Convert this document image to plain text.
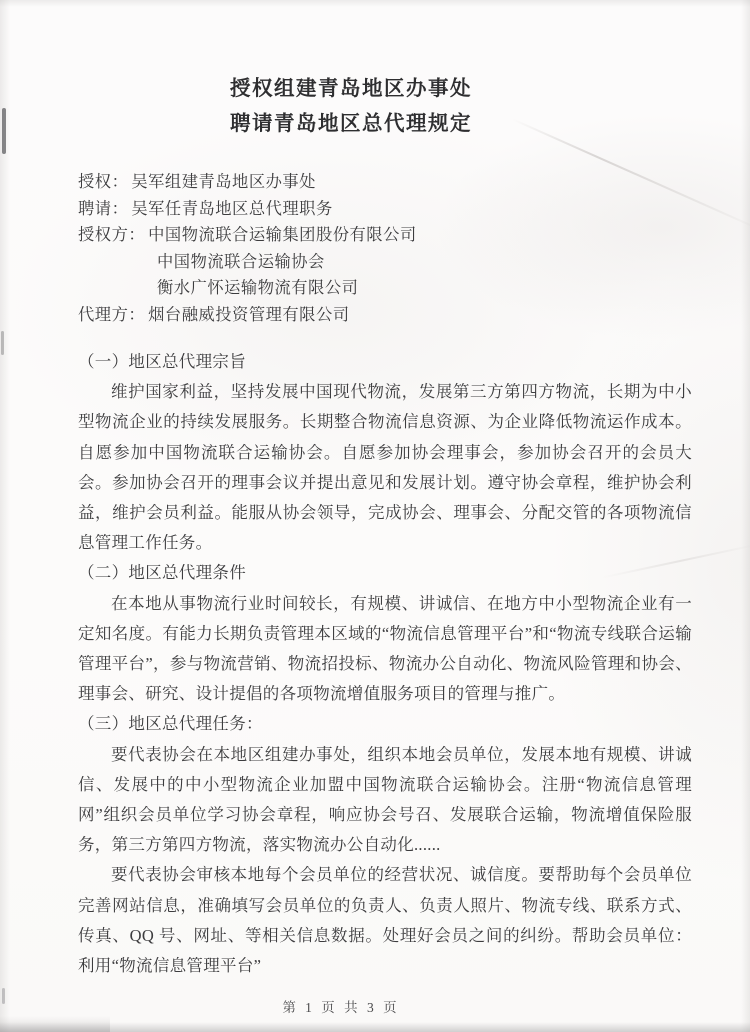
授权组建青岛地区办事处
聘请青岛地区总代理规定
授权： 吴军组建青岛地区办事处
聘请： 吴军任青岛地区总代理职务
授权方： 中国物流联合运输集团股份有限公司
中国物流联合运输协会
衡水广怀运输物流有限公司
代理方： 烟台融威投资管理有限公司

（一）地区总代理宗旨

维护国家利益，坚持发展中国现代物流，发展第三方第四方物流，长期为中小型物流企业的持续发展服务。长期整合物流信息资源、为企业降低物流运作成本。自愿参加中国物流联合运输协会。自愿参加协会理事会，参加协会召开的会员大会。参加协会召开的理事会议并提出意见和发展计划。遵守协会章程，维护协会利益，维护会员利益。能服从协会领导，完成协会、理事会、分配交管的各项物流信息管理工作任务。

（二）地区总代理条件

在本地从事物流行业时间较长，有规模、讲诚信、在地方中小型物流企业有一定知名度。有能力长期负责管理本区域的“物流信息管理平台”和“物流专线联合运输管理平台”，参与物流营销、物流招投标、物流办公自动化、物流风险管理和协会、理事会、研究、设计提倡的各项物流增值服务项目的管理与推广。

（三）地区总代理任务：

要代表协会在本地区组建办事处，组织本地会员单位，发展本地有规模、讲诚信、发展中的中小型物流企业加盟中国物流联合运输协会。注册“物流信息管理网”组织会员单位学习协会章程，响应协会号召、发展联合运输，物流增值保险服务，第三方第四方物流，落实物流办公自动化......

要代表协会审核本地每个会员单位的经营状况、诚信度。要帮助每个会员单位完善网站信息，准确填写会员单位的负责人、负责人照片、物流专线、联系方式、传真、QQ 号、网址、等相关信息数据。处理好会员之间的纠纷。帮助会员单位：利用“物流信息管理平台”

第 1 页 共 3 页
